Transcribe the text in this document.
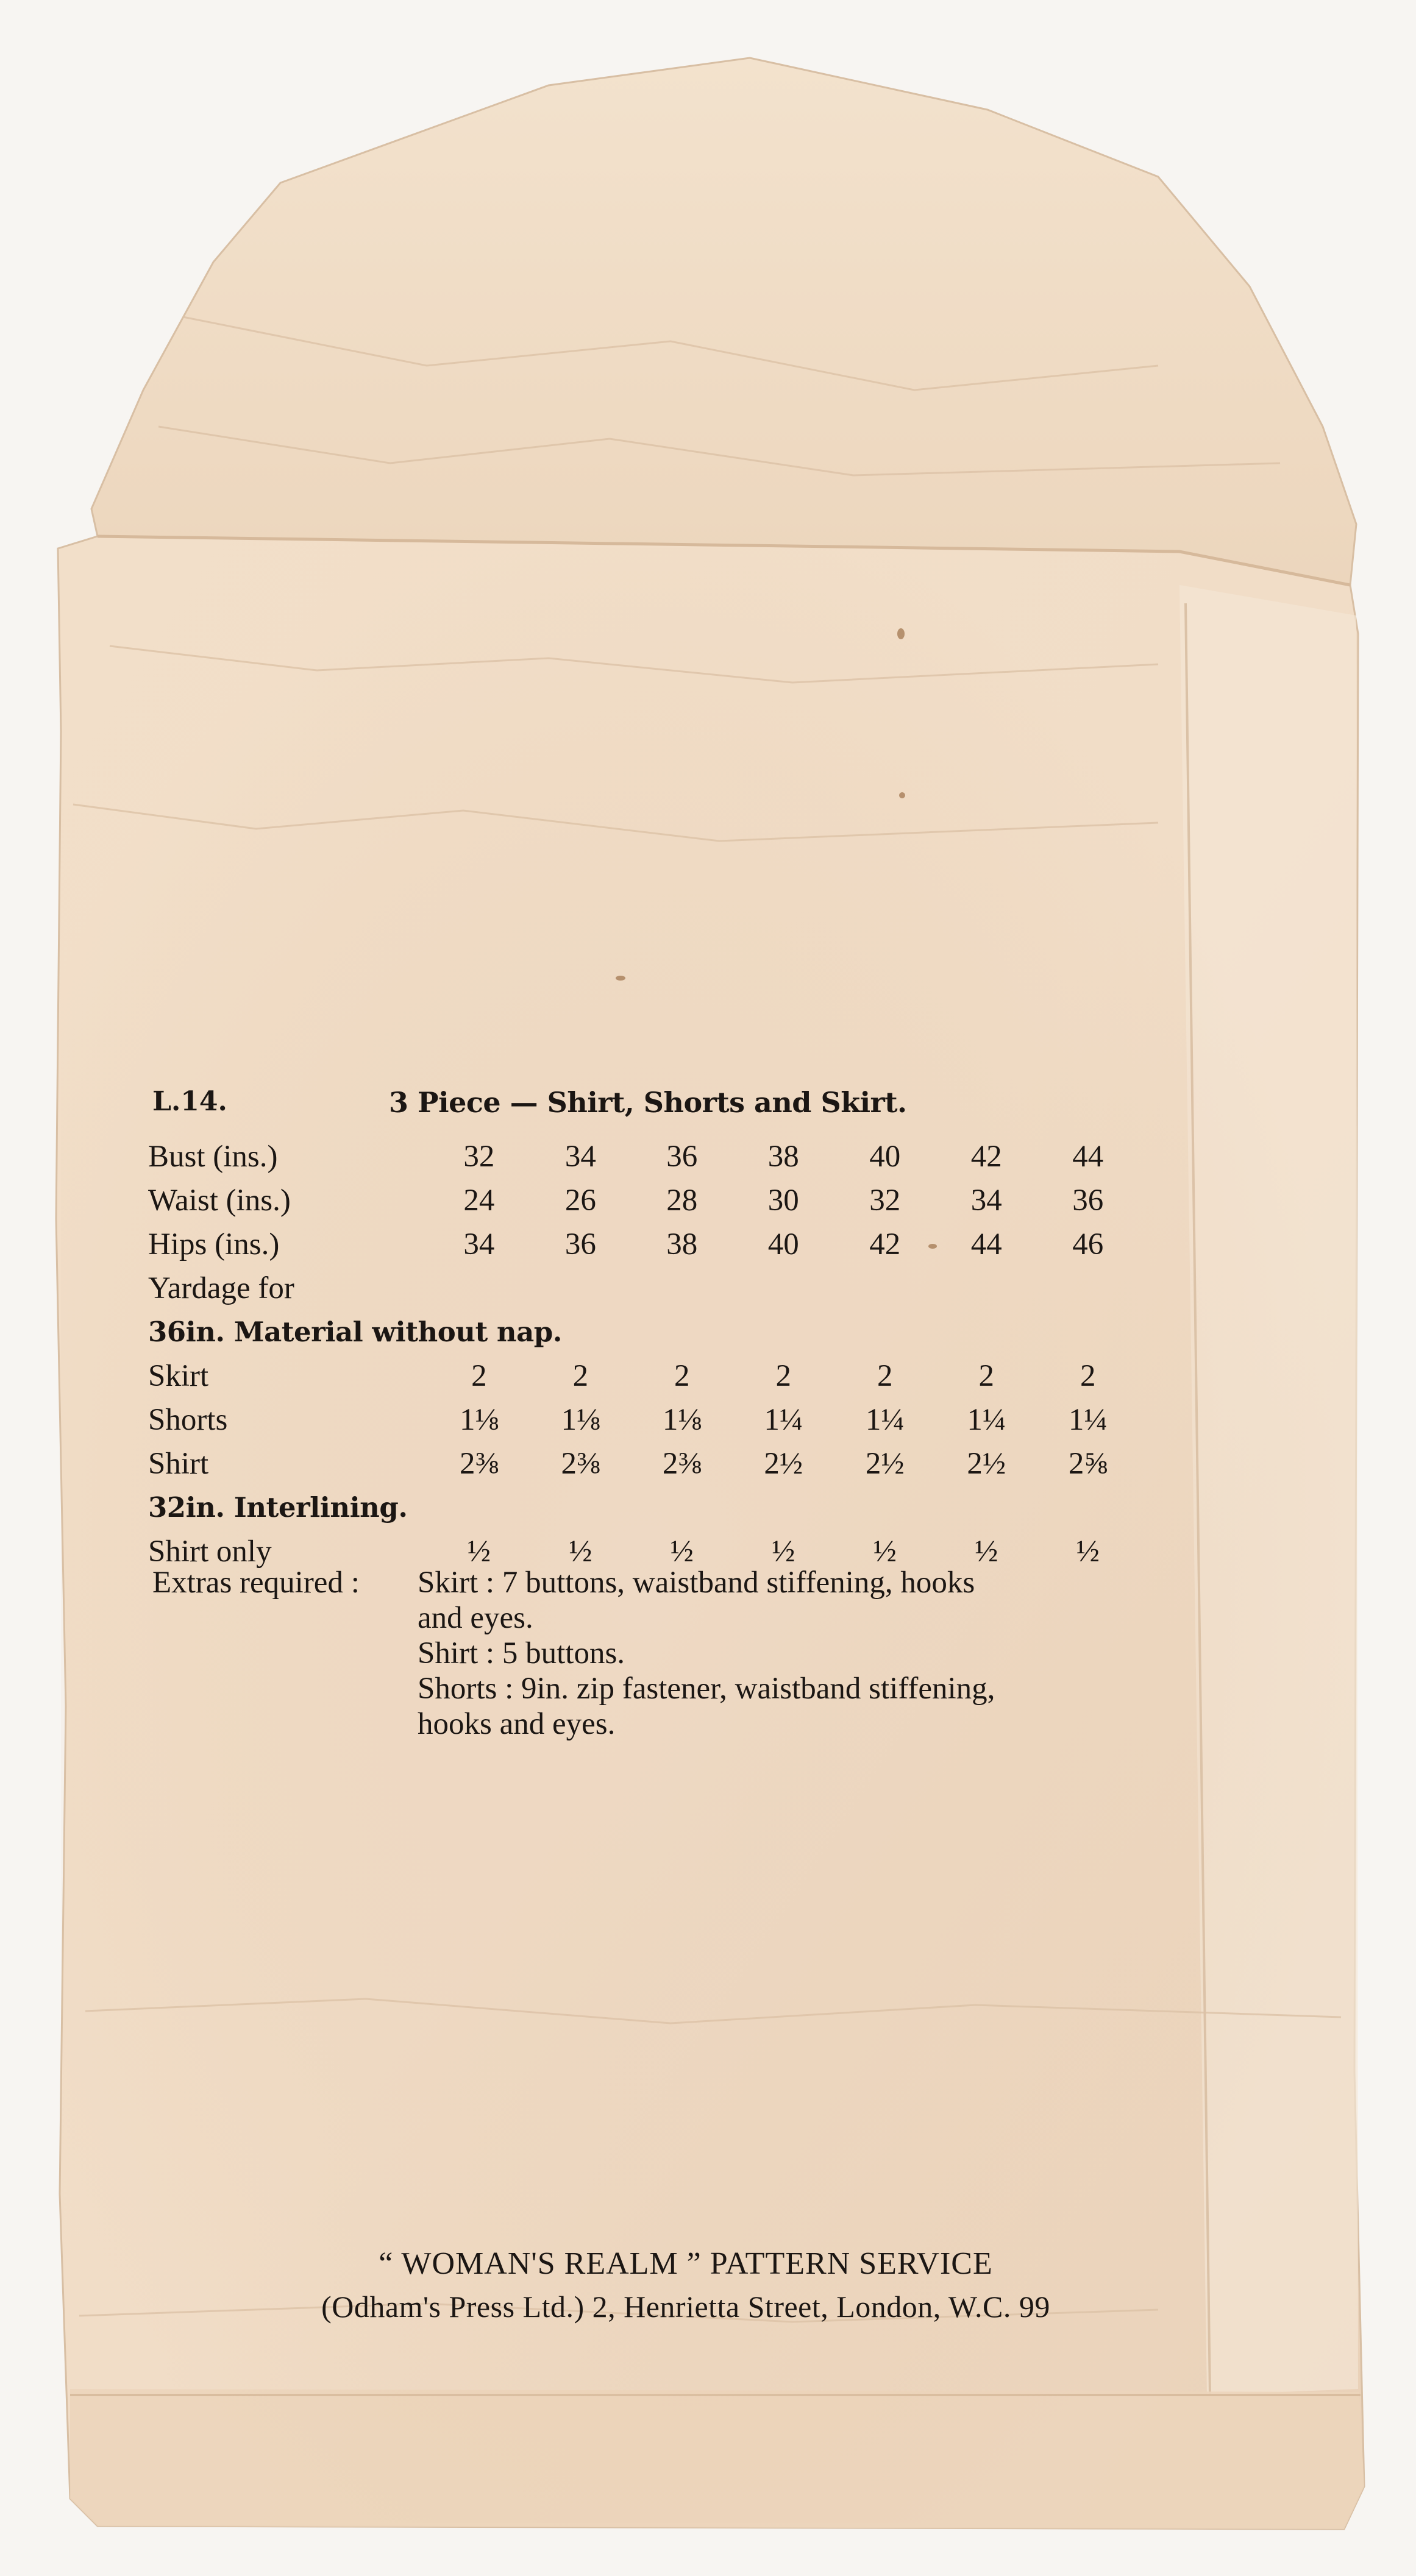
L.14.	3 Piece — Shirt, Shorts and Skirt.
Bust (ins.)	32	34	36	38	40	42	44
Waist (ins.)	24	26	28	30	32	34	36
Hips (ins.)	34	36	38	40	42	44	46
Yardage for							
36in. Material without nap.							
Skirt	2	2	2	2	2	2	2
Shorts	1⅛	1⅛	1⅛	1¼	1¼	1¼	1¼
Shirt	2⅜	2⅜	2⅜	2½	2½	2½	2⅝
32in. Interlining.							
Shirt only	½	½	½	½	½	½	½
Extras required : Skirt : 7 buttons, waistband stiffening, hooks
and eyes.
Shirt : 5 buttons.
Shorts : 9in. zip fastener, waistband stiffening,
hooks and eyes.
“ WOMAN'S REALM ” PATTERN SERVICE
(Odham's Press Ltd.) 2, Henrietta Street, London, W.C. 99
